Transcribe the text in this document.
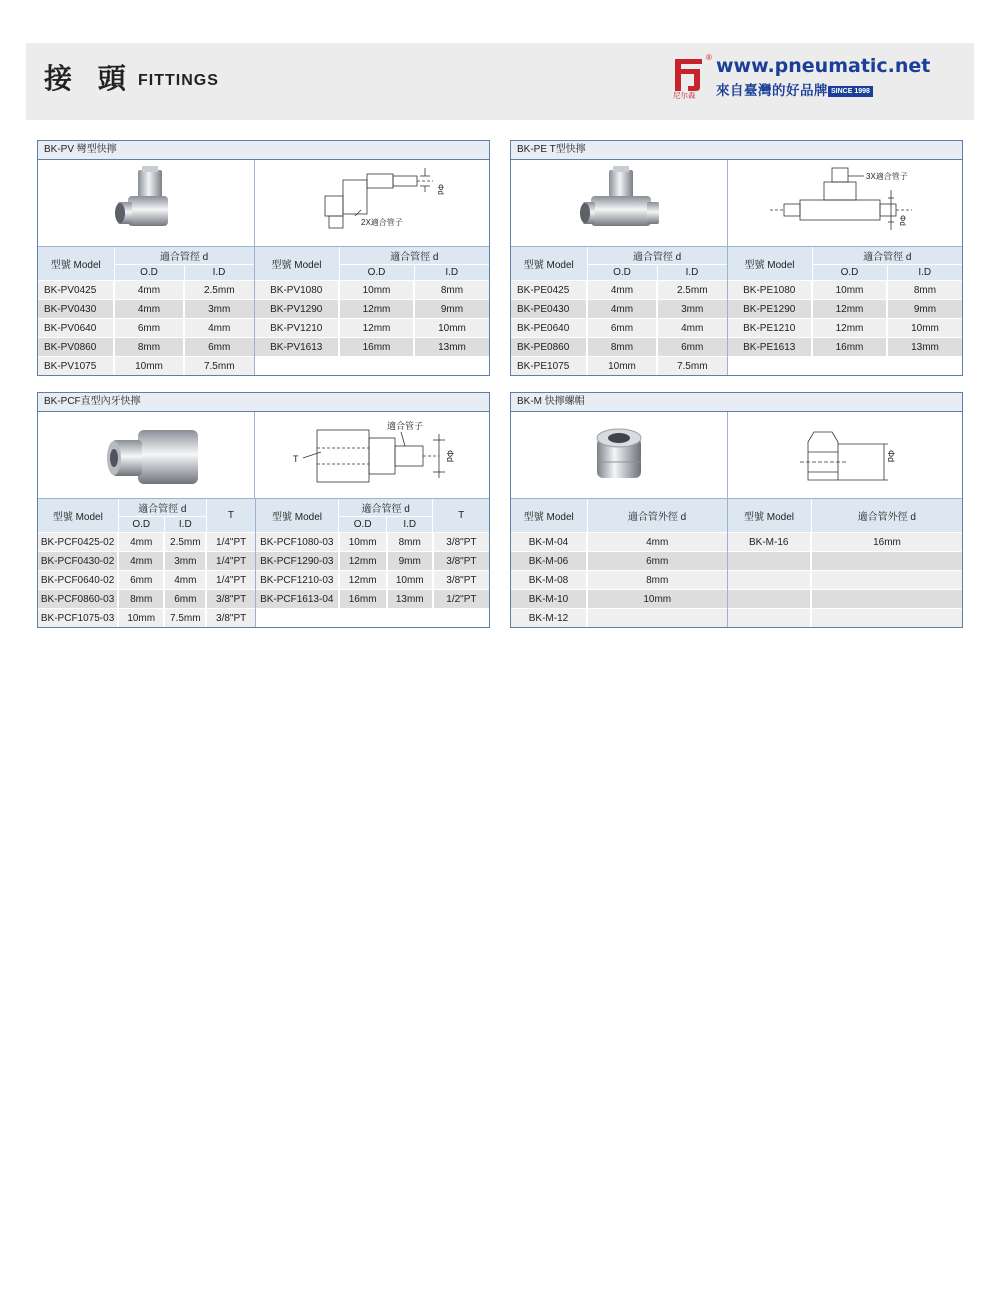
接 頭 FITTINGS
尼尔森
® www.pneumatic.net
來自臺灣的好品牌 SINCE 1998
BK-PV 彎型快擰
Φd
2X適合管子
型號 Model	適合管徑 d		型號 Model	適合管徑 d	
	O.D	I.D		O.D	I.D
BK-PV0425	4mm	2.5mm	BK-PV1080	10mm	8mm
BK-PV0430	4mm	3mm	BK-PV1290	12mm	9mm
BK-PV0640	6mm	4mm	BK-PV1210	12mm	10mm
BK-PV0860	8mm	6mm	BK-PV1613	16mm	13mm
BK-PV1075	10mm	7.5mm			
BK-PE T型快擰
3X適合管子
Φd
型號 Model	適合管徑 d		型號 Model	適合管徑 d	
	O.D	I.D		O.D	I.D
BK-PE0425	4mm	2.5mm	BK-PE1080	10mm	8mm
BK-PE0430	4mm	3mm	BK-PE1290	12mm	9mm
BK-PE0640	6mm	4mm	BK-PE1210	12mm	10mm
BK-PE0860	8mm	6mm	BK-PE1613	16mm	13mm
BK-PE1075	10mm	7.5mm			
BK-PCF直型內牙快擰
適合管子
T	Φd
型號 Model	適合管徑 d		T	型號 Model	適合管徑 d		T
	O.D	I.D			O.D	I.D	
BK-PCF0425-02	4mm	2.5mm	1/4"PT	BK-PCF1080-03	10mm	8mm	3/8"PT
BK-PCF0430-02	4mm	3mm	1/4"PT	BK-PCF1290-03	12mm	9mm	3/8"PT
BK-PCF0640-02	6mm	4mm	1/4"PT	BK-PCF1210-03	12mm	10mm	3/8"PT
BK-PCF0860-03	8mm	6mm	3/8"PT	BK-PCF1613-04	16mm	13mm	1/2"PT
BK-PCF1075-03	10mm	7.5mm	3/8"PT				
BK-M 快擰螺帽
Φd
型號 Model	適合管外徑 d	型號 Model	適合管外徑 d
BK-M-04	4mm	BK-M-16	16mm
BK-M-06	6mm		
BK-M-08	8mm		
BK-M-10	10mm		
BK-M-12			
